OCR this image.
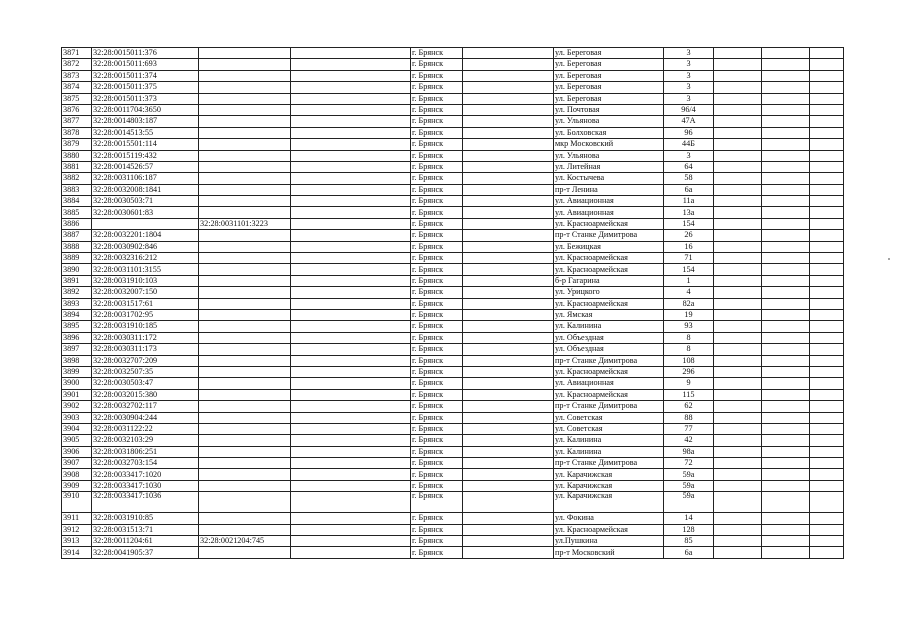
3871	32:28:0015011:376			г. Брянск		ул. Береговая	3			
3872	32:28:0015011:693			г. Брянск		ул. Береговая	3			
3873	32:28:0015011:374			г. Брянск		ул. Береговая	3			
3874	32:28:0015011:375			г. Брянск		ул. Береговая	3			
3875	32:28:0015011:373			г. Брянск		ул. Береговая	3			
3876	32:28:0011704:3650			г. Брянск		ул. Почтовая	96/4			
3877	32:28:0014803:187			г. Брянск		ул. Ульянова	47А			
3878	32:28:0014513:55			г. Брянск		ул. Болховская	96			
3879	32:28:0015501:114			г. Брянск		мкр Московский	44Б			
3880	32:28:0015119:432			г. Брянск		ул. Ульянова	3			
3881	32:28:0014526:57			г. Брянск		ул. Литейная	64			
3882	32:28:0031106:187			г. Брянск		ул. Костычева	58			
3883	32:28:0032008:1841			г. Брянск		пр-т Ленина	6а			
3884	32:28:0030503:71			г. Брянск		ул. Авиационная	11а			
3885	32:28:0030601:83			г. Брянск		ул. Авиационная	13а			
3886		32:28:0031101:3223		г. Брянск		ул. Красноармейская	154			
3887	32:28:0032201:1804			г. Брянск		пр-т Станке Димитрова	26			
3888	32:28:0030902:846			г. Брянск		ул. Бежицкая	16			
3889	32:28:0032316:212			г. Брянск		ул. Красноармейская	71			
3890	32:28:0031101:3155			г. Брянск		ул. Красноармейская	154			
3891	32:28:0031910:103			г. Брянск		б-р Гагарина	1			
3892	32:28:0032007:150			г. Брянск		ул. Урицкого	4			
3893	32:28:0031517:61			г. Брянск		ул. Красноармейская	82а			
3894	32:28:0031702:95			г. Брянск		ул. Ямская	19			
3895	32:28:0031910:185			г. Брянск		ул. Калинина	93			
3896	32:28:0030311:172			г. Брянск		ул. Объездная	8			
3897	32:28:0030311:173			г. Брянск		ул. Объездная	8			
3898	32:28:0032707:209			г. Брянск		пр-т Станке Димитрова	108			
3899	32:28:0032507:35			г. Брянск		ул. Красноармейская	296			
3900	32:28:0030503:47			г. Брянск		ул. Авиационная	9			
3901	32:28:0032015:380			г. Брянск		ул. Красноармейская	115			
3902	32:28:0032702:117			г. Брянск		пр-т Станке Димитрова	62			
3903	32:28:0030904:244			г. Брянск		ул. Советская	88			
3904	32:28:0031122:22			г. Брянск		ул. Советская	77			
3905	32:28:0032103:29			г. Брянск		ул. Калинина	42			
3906	32:28:0031806:251			г. Брянск		ул. Калинина	98а			
3907	32:28:0032703:154			г. Брянск		пр-т Станке Димитрова	72			
3908	32:28:0033417:1020			г. Брянск		ул. Карачижская	59а			
3909	32:28:0033417:1030			г. Брянск		ул. Карачижская	59а			
3910	32:28:0033417:1036			г. Брянск		ул. Карачижская	59а			
3911	32:28:0031910:85			г. Брянск		ул. Фокина	14			
3912	32:28:0031513:71			г. Брянск		ул. Красноармейская	128			
3913	32:28:0011204:61	32:28:0021204:745		г. Брянск		ул.Пушкина	85			
3914	32:28:0041905:37			г. Брянск		пр-т Московский	6а			
